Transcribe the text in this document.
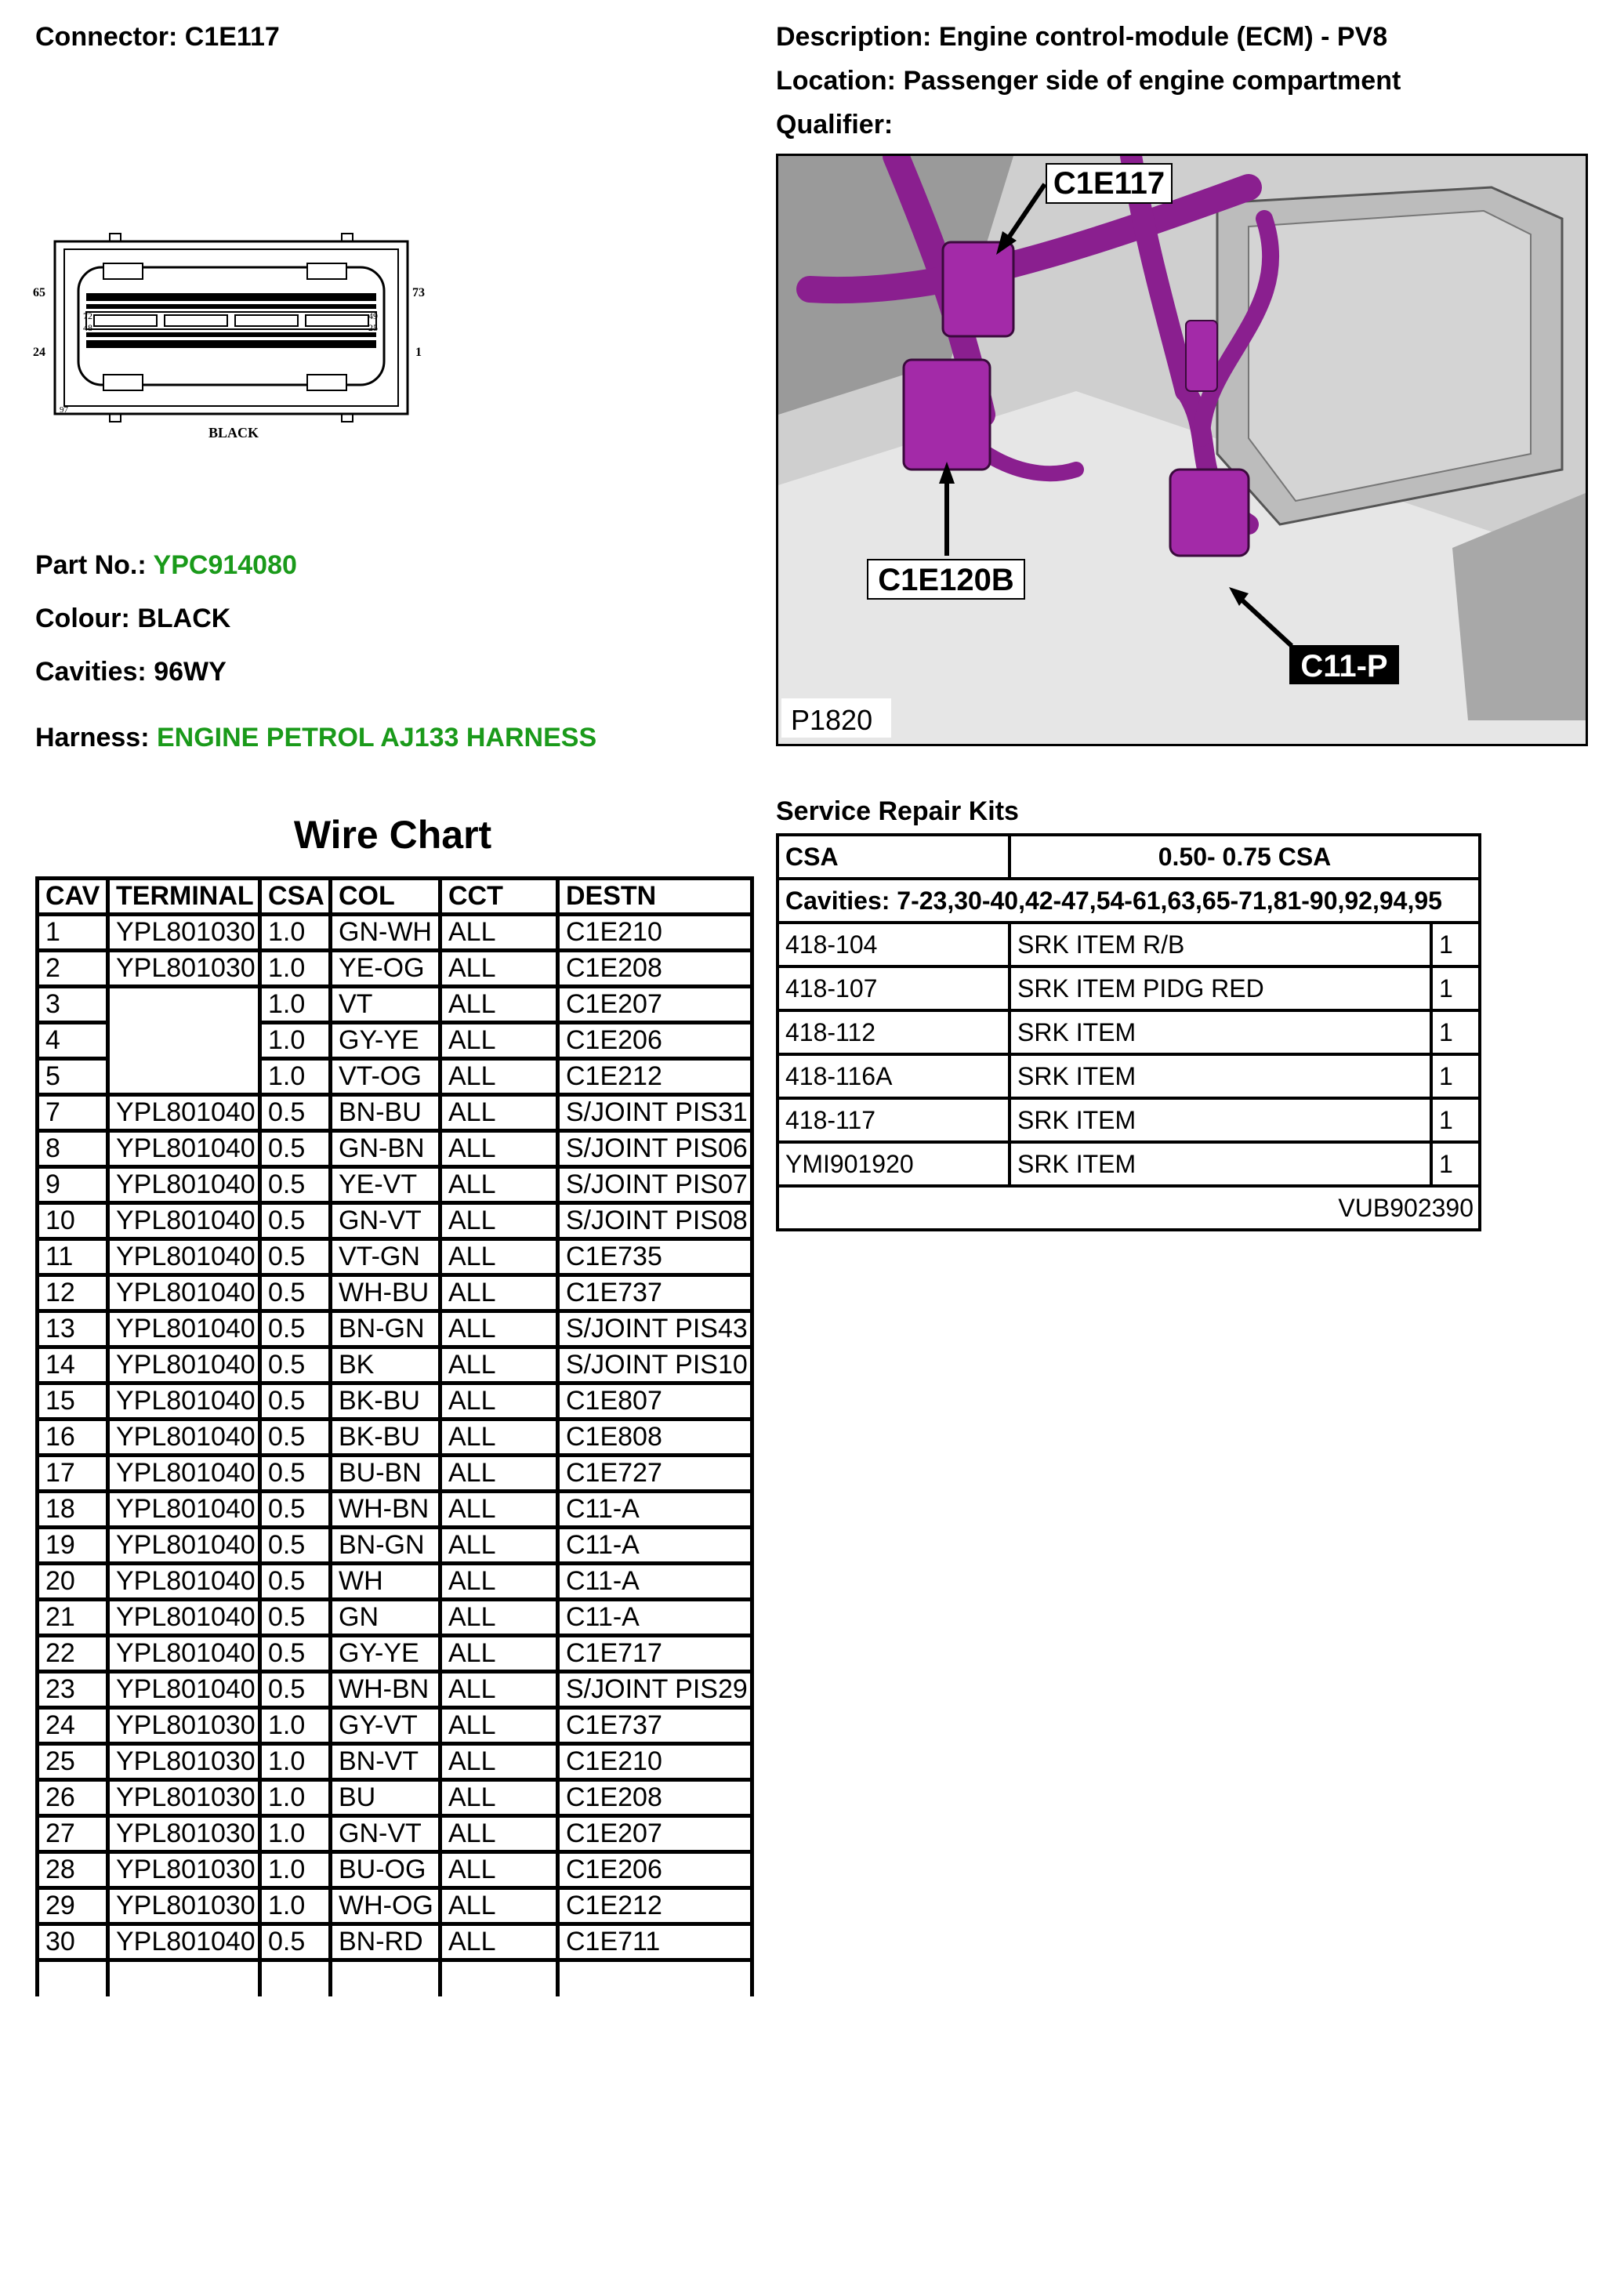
Connector: C1E117	Description: Engine control-module (ECM) - PV8
Location: Passenger side of engine compartment
Qualifier:
65	73
24	1
72
48
49
25
97
BLACK
Part No.: YPC914080
Colour: BLACK
Cavities: 96WY
Harness: ENGINE PETROL AJ133 HARNESS
C1E117
C1E120B
C11-P
P1820
Wire Chart
CAV	TERMINAL	CSA	COL	CCT	DESTN
1	YPL801030	1.0	GN-WH	ALL	C1E210
2	YPL801030	1.0	YE-OG	ALL	C1E208
3		1.0	VT	ALL	C1E207
4		1.0	GY-YE	ALL	C1E206
5		1.0	VT-OG	ALL	C1E212
7	YPL801040	0.5	BN-BU	ALL	S/JOINT PIS31
8	YPL801040	0.5	GN-BN	ALL	S/JOINT PIS06
9	YPL801040	0.5	YE-VT	ALL	S/JOINT PIS07
10	YPL801040	0.5	GN-VT	ALL	S/JOINT PIS08
11	YPL801040	0.5	VT-GN	ALL	C1E735
12	YPL801040	0.5	WH-BU	ALL	C1E737
13	YPL801040	0.5	BN-GN	ALL	S/JOINT PIS43
14	YPL801040	0.5	BK	ALL	S/JOINT PIS10
15	YPL801040	0.5	BK-BU	ALL	C1E807
16	YPL801040	0.5	BK-BU	ALL	C1E808
17	YPL801040	0.5	BU-BN	ALL	C1E727
18	YPL801040	0.5	WH-BN	ALL	C11-A
19	YPL801040	0.5	BN-GN	ALL	C11-A
20	YPL801040	0.5	WH	ALL	C11-A
21	YPL801040	0.5	GN	ALL	C11-A
22	YPL801040	0.5	GY-YE	ALL	C1E717
23	YPL801040	0.5	WH-BN	ALL	S/JOINT PIS29
24	YPL801030	1.0	GY-VT	ALL	C1E737
25	YPL801030	1.0	BN-VT	ALL	C1E210
26	YPL801030	1.0	BU	ALL	C1E208
27	YPL801030	1.0	GN-VT	ALL	C1E207
28	YPL801030	1.0	BU-OG	ALL	C1E206
29	YPL801030	1.0	WH-OG	ALL	C1E212
30	YPL801040	0.5	BN-RD	ALL	C1E711

Service Repair Kits
CSA	0.50- 0.75 CSA	
Cavities: 7-23,30-40,42-47,54-61,63,65-71,81-90,92,94,95		
418-104	SRK ITEM R/B	1
418-107	SRK ITEM PIDG RED	1
418-112	SRK ITEM	1
418-116A	SRK ITEM	1
418-117	SRK ITEM	1
YMI901920	SRK ITEM	1
VUB902390		
